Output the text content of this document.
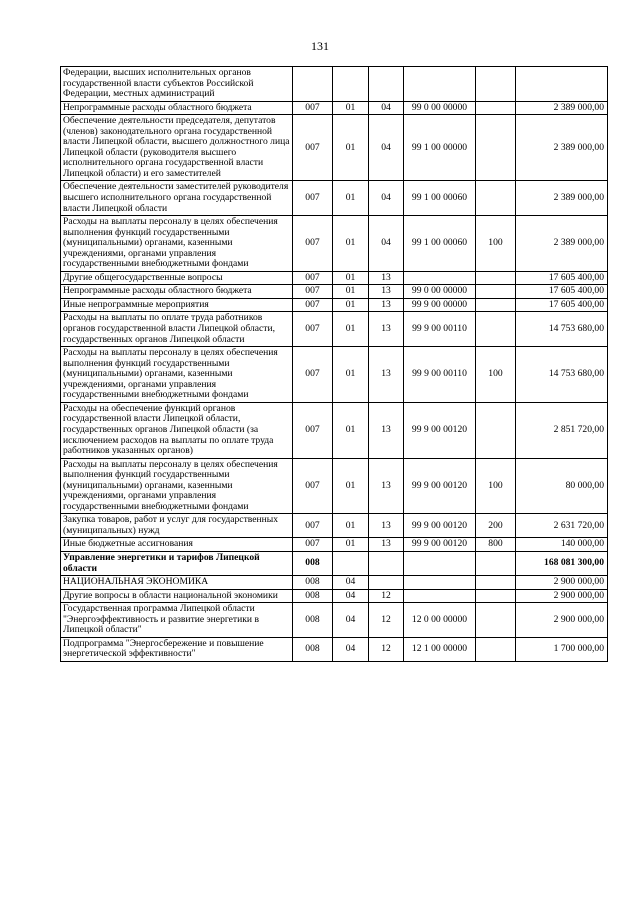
131
Федерации, высших исполнительных органов государственной власти субъектов Российской Федерации, местных администраций						
Непрограммные расходы областного бюджета	007	01	04	99 0 00 00000		2 389 000,00
Обеспечение деятельности председателя, депутатов (членов) законодательного органа государственной власти Липецкой области, высшего должностного лица Липецкой области (руководителя высшего исполнительного органа государственной власти Липецкой области) и его заместителей	007	01	04	99 1 00 00000		2 389 000,00
Обеспечение деятельности заместителей руководителя высшего исполнительного органа государственной власти Липецкой области	007	01	04	99 1 00 00060		2 389 000,00
Расходы на выплаты персоналу в целях обеспечения выполнения функций государственными (муниципальными) органами, казенными учреждениями, органами управления государственными внебюджетными фондами	007	01	04	99 1 00 00060	100	2 389 000,00
Другие общегосударственные вопросы	007	01	13			17 605 400,00
Непрограммные расходы областного бюджета	007	01	13	99 0 00 00000		17 605 400,00
Иные непрограммные мероприятия	007	01	13	99 9 00 00000		17 605 400,00
Расходы на выплаты по оплате труда работников органов государственной власти Липецкой области, государственных органов Липецкой области	007	01	13	99 9 00 00110		14 753 680,00
Расходы на выплаты персоналу в целях обеспечения выполнения функций государственными (муниципальными) органами, казенными учреждениями, органами управления государственными внебюджетными фондами	007	01	13	99 9 00 00110	100	14 753 680,00
Расходы на обеспечение функций органов государственной власти Липецкой области, государственных органов Липецкой области (за исключением расходов на выплаты по оплате труда работников указанных органов)	007	01	13	99 9 00 00120		2 851 720,00
Расходы на выплаты персоналу в целях обеспечения выполнения функций государственными (муниципальными) органами, казенными учреждениями, органами управления государственными внебюджетными фондами	007	01	13	99 9 00 00120	100	80 000,00
Закупка товаров, работ и услуг для государственных (муниципальных) нужд	007	01	13	99 9 00 00120	200	2 631 720,00
Иные бюджетные ассигнования	007	01	13	99 9 00 00120	800	140 000,00
Управление энергетики и тарифов Липецкой области	008					168 081 300,00
НАЦИОНАЛЬНАЯ ЭКОНОМИКА	008	04				2 900 000,00
Другие вопросы в области национальной экономики	008	04	12			2 900 000,00
Государственная программа Липецкой области "Энергоэффективность и развитие энергетики в Липецкой области"	008	04	12	12 0 00 00000		2 900 000,00
Подпрограмма "Энергосбережение и повышение энергетической эффективности"	008	04	12	12 1 00 00000		1 700 000,00
